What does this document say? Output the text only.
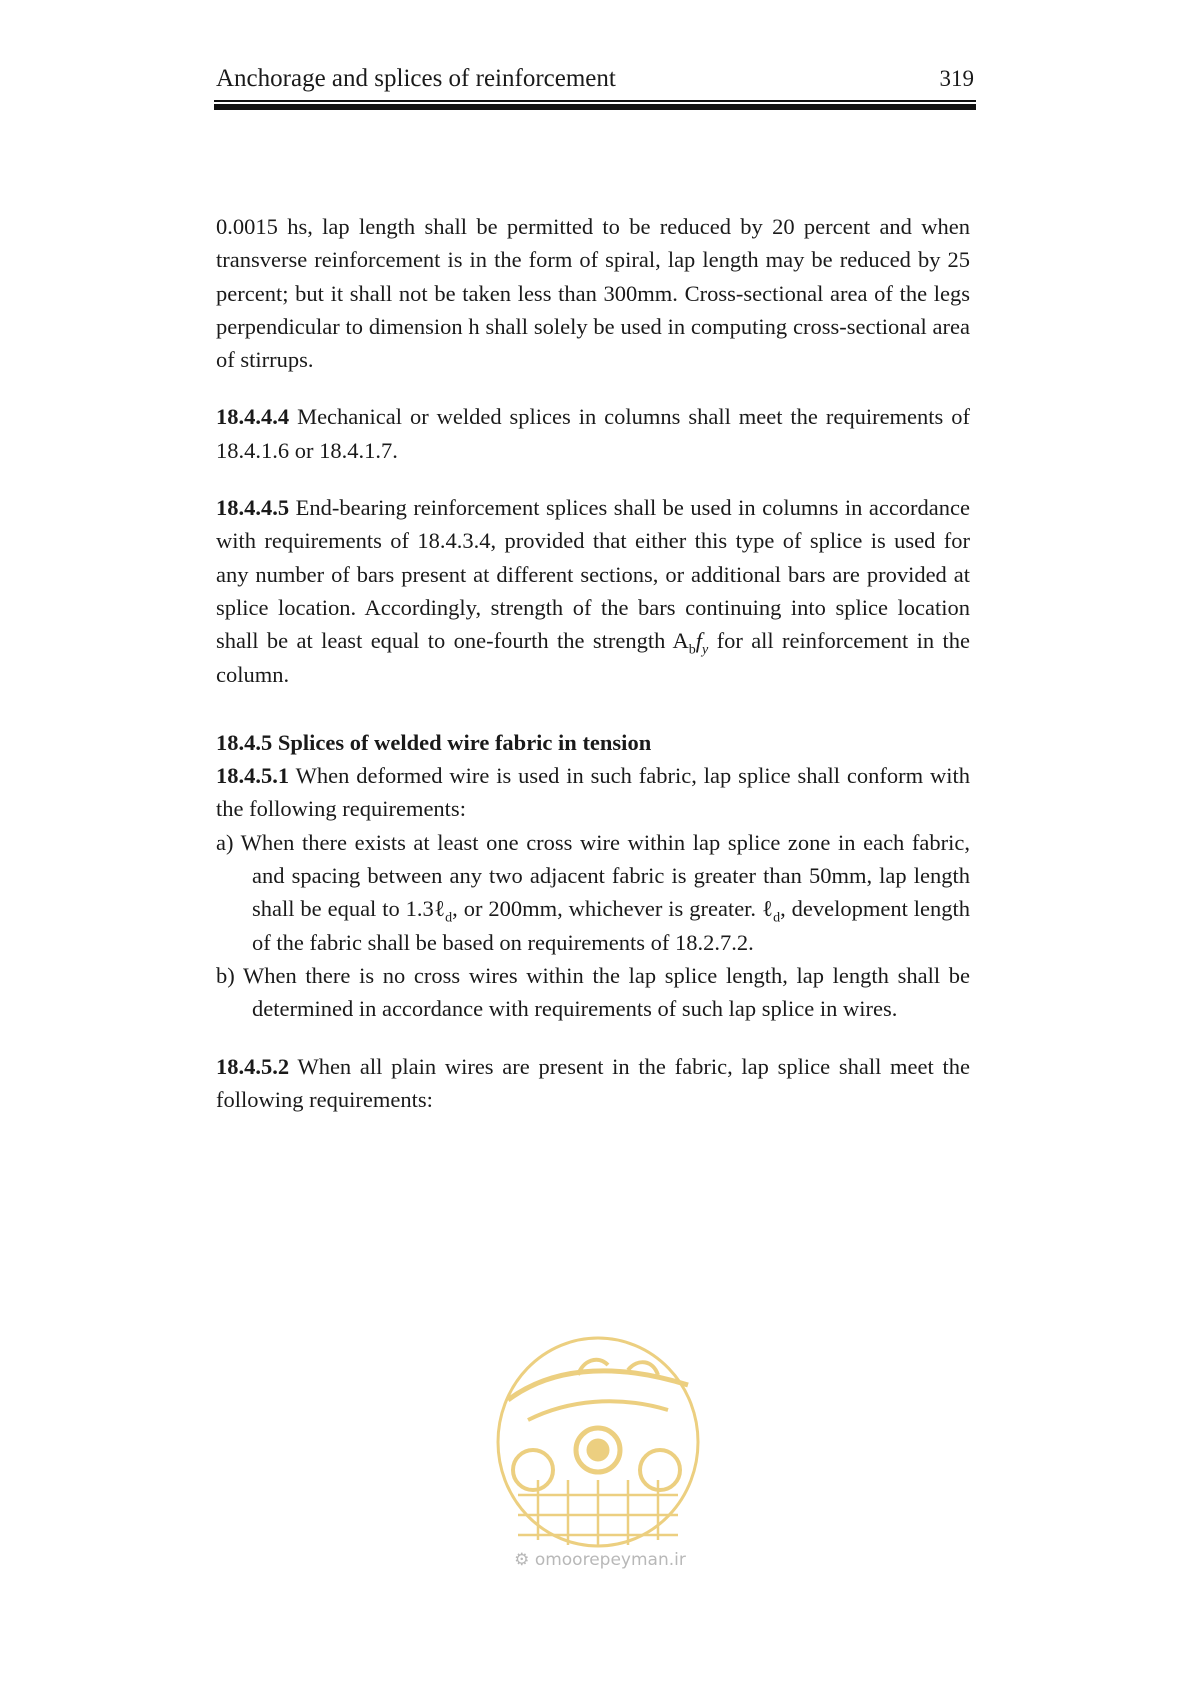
Anchorage and splices of reinforcement	319

0.0015 hs, lap length shall be permitted to be reduced by 20 percent and when transverse reinforcement is in the form of spiral, lap length may be reduced by 25 percent; but it shall not be taken less than 300mm. Cross-sectional area of the legs perpendicular to dimension h shall solely be used in computing cross-sectional area of stirrups.

18.4.4.4 Mechanical or welded splices in columns shall meet the requirements of 18.4.1.6 or 18.4.1.7.

18.4.4.5 End-bearing reinforcement splices shall be used in columns in accordance with requirements of 18.4.3.4, provided that either this type of splice is used for any number of bars present at different sections, or additional bars are provided at splice location. Accordingly, strength of the bars continuing into splice location shall be at least equal to one-fourth the strength $A_bf_y$ for all reinforcement in the column.

18.4.5 Splices of welded wire fabric in tension

18.4.5.1 When deformed wire is used in such fabric, lap splice shall conform with the following requirements:

a) When there exists at least one cross wire within lap splice zone in each fabric, and spacing between any two adjacent fabric is greater than 50mm, lap length shall be equal to 1.3ℓ$_d$, or 200mm, whichever is greater. ℓ$_d$, development length of the fabric shall be based on requirements of 18.2.7.2.

b) When there is no cross wires within the lap splice length, lap length shall be determined in accordance with requirements of such lap splice in wires.

18.4.5.2 When all plain wires are present in the fabric, lap splice shall meet the following requirements:

⚙ omoorepeyman.ir
